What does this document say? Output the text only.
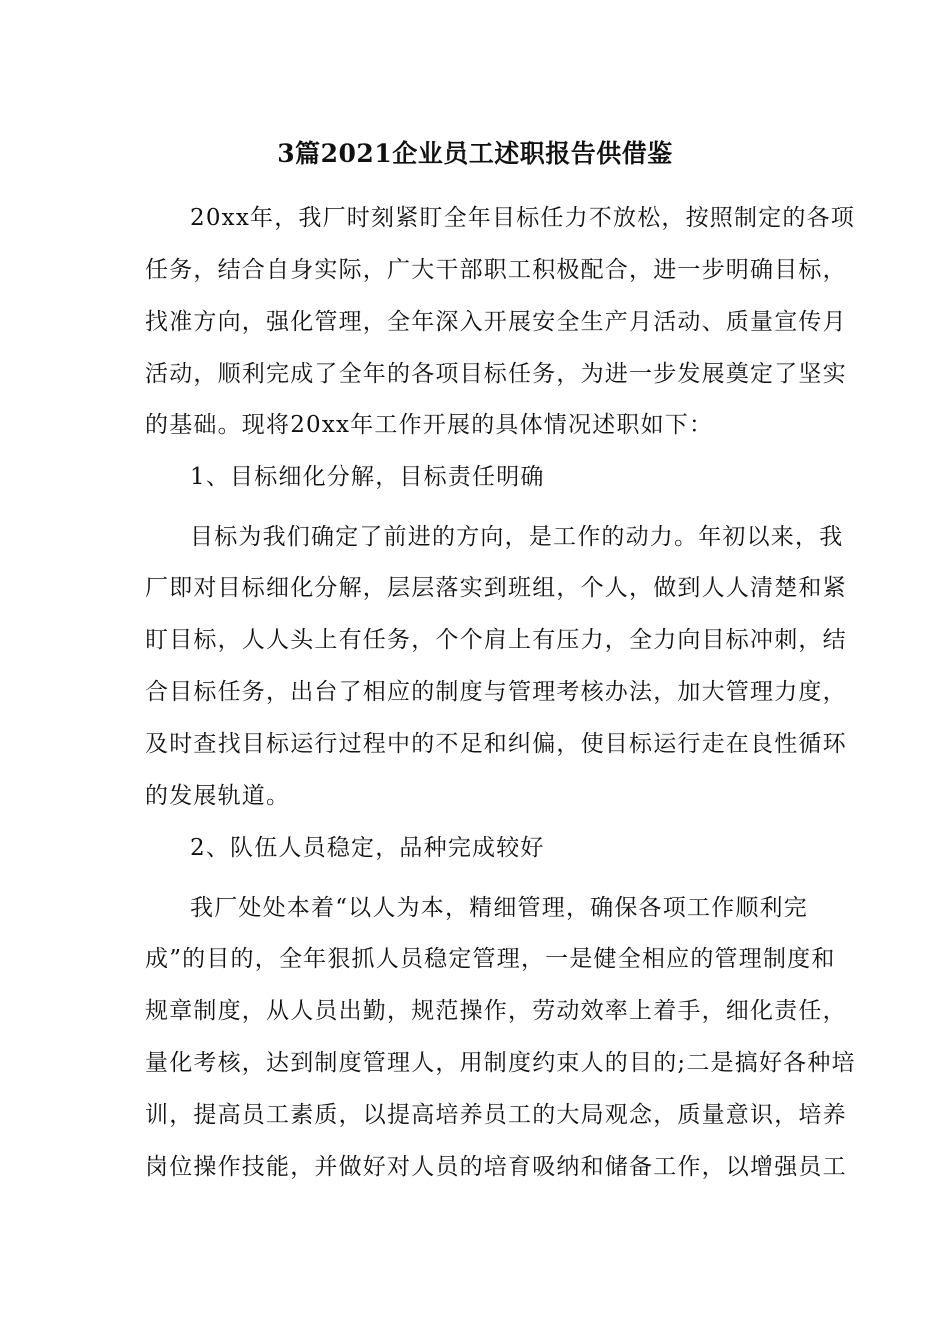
3篇2021企业员工述职报告供借鉴
20xx年，我厂时刻紧盯全年目标任力不放松，按照制定的各项
任务，结合自身实际，广大干部职工积极配合，进一步明确目标，
找准方向，强化管理，全年深入开展安全生产月活动、质量宣传月
活动，顺利完成了全年的各项目标任务，为进一步发展奠定了坚实
的基础。现将20xx年工作开展的具体情况述职如下：
1、目标细化分解，目标责任明确
目标为我们确定了前进的方向，是工作的动力。年初以来，我
厂即对目标细化分解，层层落实到班组，个人，做到人人清楚和紧
盯目标，人人头上有任务，个个肩上有压力，全力向目标冲刺，结
合目标任务，出台了相应的制度与管理考核办法，加大管理力度，
及时查找目标运行过程中的不足和纠偏，使目标运行走在良性循环
的发展轨道。
2、队伍人员稳定，品种完成较好
我厂处处本着“以人为本，精细管理，确保各项工作顺利完
成”的目的，全年狠抓人员稳定管理，一是健全相应的管理制度和
规章制度，从人员出勤，规范操作，劳动效率上着手，细化责任，
量化考核，达到制度管理人，用制度约束人的目的;二是搞好各种培
训，提高员工素质，以提高培养员工的大局观念，质量意识，培养
岗位操作技能，并做好对人员的培育吸纳和储备工作，以增强员工
